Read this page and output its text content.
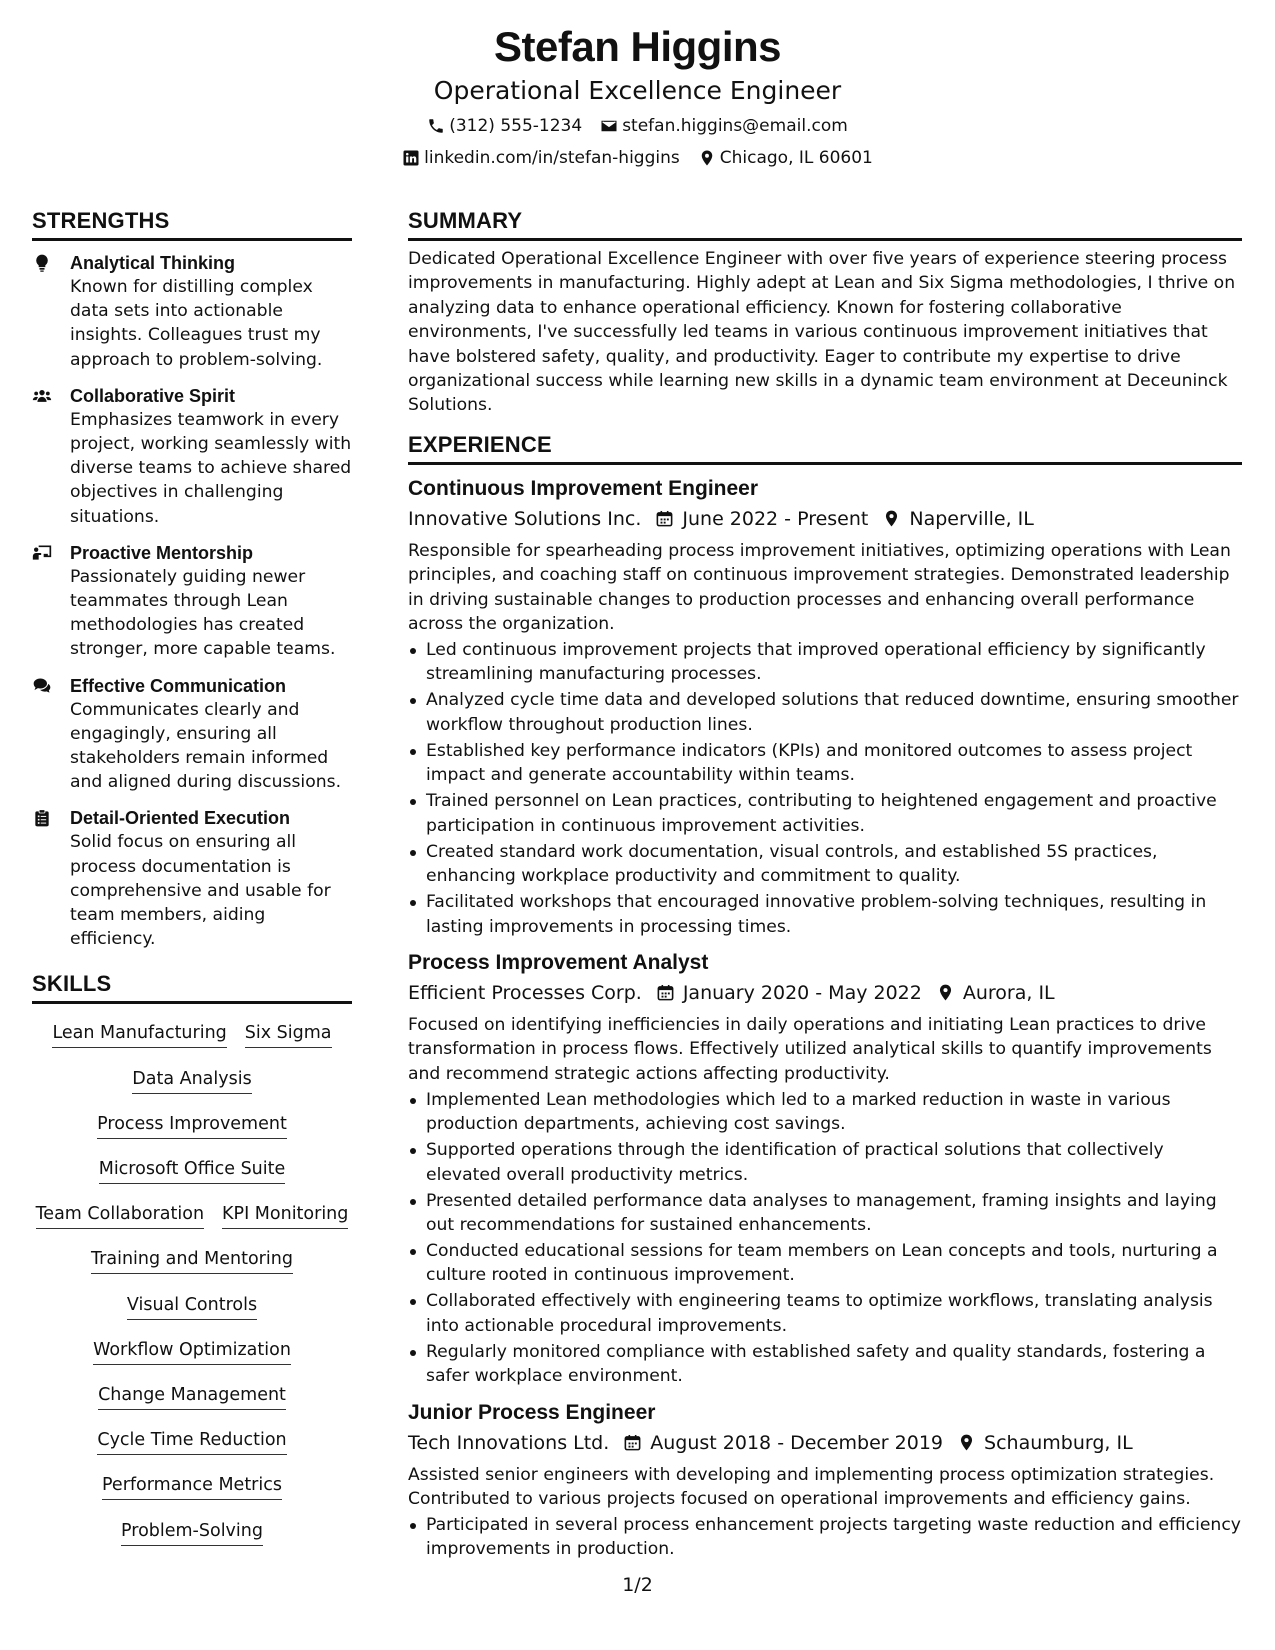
Stefan Higgins
Operational Excellence Engineer
(312) 555-1234 stefan.higgins@email.com
linkedin.com/in/stefan-higgins Chicago, IL 60601
STRENGTHS
Analytical Thinking
Known for distilling complex data sets into actionable insights. Colleagues trust my approach to problem-solving.
Collaborative Spirit
Emphasizes teamwork in every project, working seamlessly with diverse teams to achieve shared objectives in challenging situations.
Proactive Mentorship
Passionately guiding newer teammates through Lean methodologies has created stronger, more capable teams.
Effective Communication
Communicates clearly and engagingly, ensuring all stakeholders remain informed and aligned during discussions.
Detail-Oriented Execution
Solid focus on ensuring all process documentation is comprehensive and usable for team members, aiding efficiency.
SKILLS
Lean Manufacturing Six Sigma
Data Analysis
Process Improvement
Microsoft Office Suite
Team Collaboration KPI Monitoring
Training and Mentoring
Visual Controls
Workflow Optimization
Change Management
Cycle Time Reduction
Performance Metrics
Problem-Solving
SUMMARY
Dedicated Operational Excellence Engineer with over five years of experience steering process improvements in manufacturing. Highly adept at Lean and Six Sigma methodologies, I thrive on analyzing data to enhance operational efficiency. Known for fostering collaborative environments, I've successfully led teams in various continuous improvement initiatives that have bolstered safety, quality, and productivity. Eager to contribute my expertise to drive organizational success while learning new skills in a dynamic team environment at Deceuninck Solutions.
EXPERIENCE
Continuous Improvement Engineer
Innovative Solutions Inc. June 2022 - Present Naperville, IL
Responsible for spearheading process improvement initiatives, optimizing operations with Lean principles, and coaching staff on continuous improvement strategies. Demonstrated leadership in driving sustainable changes to production processes and enhancing overall performance across the organization.
Led continuous improvement projects that improved operational efficiency by significantly streamlining manufacturing processes.
Analyzed cycle time data and developed solutions that reduced downtime, ensuring smoother workflow throughout production lines.
Established key performance indicators (KPIs) and monitored outcomes to assess project impact and generate accountability within teams.
Trained personnel on Lean practices, contributing to heightened engagement and proactive participation in continuous improvement activities.
Created standard work documentation, visual controls, and established 5S practices, enhancing workplace productivity and commitment to quality.
Facilitated workshops that encouraged innovative problem-solving techniques, resulting in lasting improvements in processing times.
Process Improvement Analyst
Efficient Processes Corp. January 2020 - May 2022 Aurora, IL
Focused on identifying inefficiencies in daily operations and initiating Lean practices to drive transformation in process flows. Effectively utilized analytical skills to quantify improvements and recommend strategic actions affecting productivity.
Implemented Lean methodologies which led to a marked reduction in waste in various production departments, achieving cost savings.
Supported operations through the identification of practical solutions that collectively elevated overall productivity metrics.
Presented detailed performance data analyses to management, framing insights and laying out recommendations for sustained enhancements.
Conducted educational sessions for team members on Lean concepts and tools, nurturing a culture rooted in continuous improvement.
Collaborated effectively with engineering teams to optimize workflows, translating analysis into actionable procedural improvements.
Regularly monitored compliance with established safety and quality standards, fostering a safer workplace environment.
Junior Process Engineer
Tech Innovations Ltd. August 2018 - December 2019 Schaumburg, IL
Assisted senior engineers with developing and implementing process optimization strategies. Contributed to various projects focused on operational improvements and efficiency gains.
Participated in several process enhancement projects targeting waste reduction and efficiency improvements in production.
1/2
